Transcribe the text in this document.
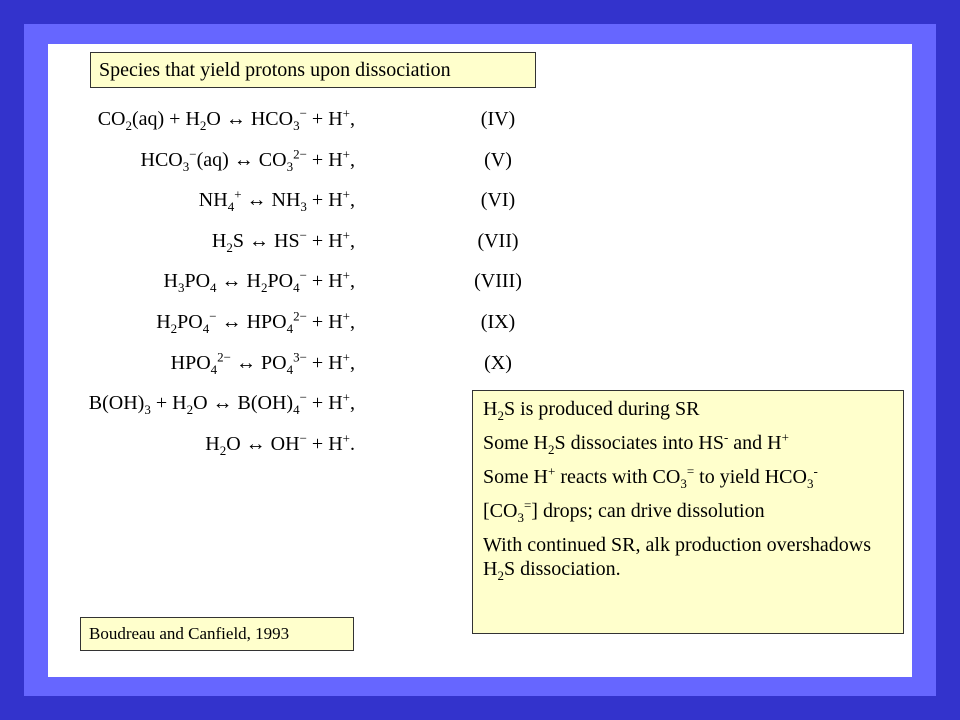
Species that yield protons upon dissociation
$CO_2(aq) + H_2O$ ↔ $HCO_3^- + H^+$,	(IV)
$HCO_3^-(aq)$ ↔ $CO_3^{2-} + H^+$,	(V)
$NH_4^+$ ↔ $NH_3 + H^+$,	(VI)
$H_2S$ ↔ HS− + H+,	(VII)
$H_3PO_4$ ↔ $H_2PO_4^- + H^+$,	(VIII)
$H_2PO_4^-$ ↔ $HPO_4^{2-} + H^+$,	(IX)
$HPO_4^{2-}$ ↔ $PO_4^{3-} + H^+$,	(X)
$B(OH)_3 + H_2O$ ↔ $B(OH)_4^- + H^+$,
$H_2O$ ↔ OH− + H+.

$H_2S$ is produced during SR

Some $H_2S$ dissociates into HS- and H+

Some H+ reacts with $CO_3^=$ to yield $HCO_3^-$

$[CO_3^=]$ drops; can drive dissolution

With continued SR, alk production overshadows $H_2S$ dissociation.

Boudreau and Canfield, 1993
